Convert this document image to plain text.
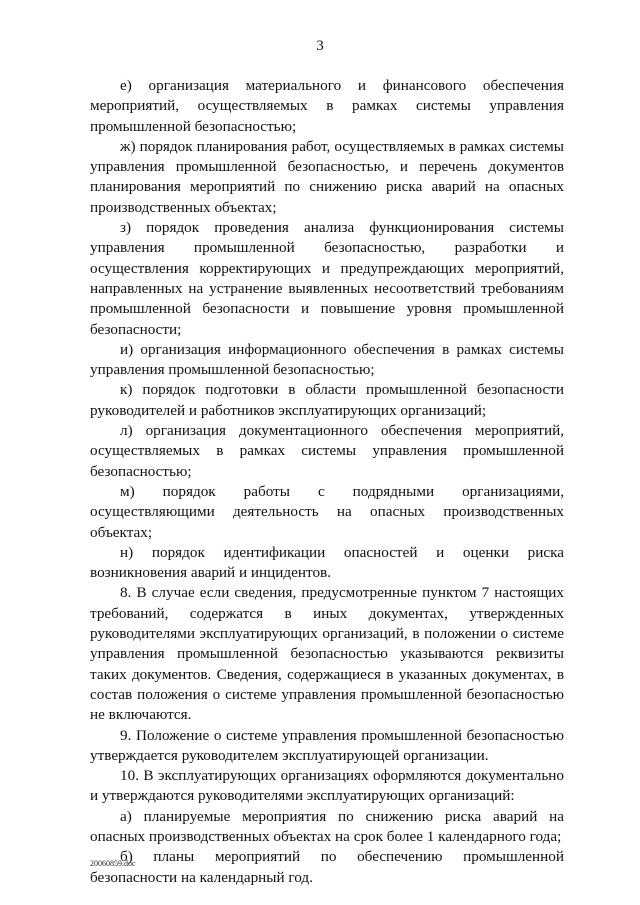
3

е) организация материального и финансового обеспечения мероприятий, осуществляемых в рамках системы управления промышленной безопасностью;

ж) порядок планирования работ, осуществляемых в рамках системы управления промышленной безопасностью, и перечень документов планирования мероприятий по снижению риска аварий на опасных производственных объектах;

з) порядок проведения анализа функционирования системы управления промышленной безопасностью, разработки и осуществления корректирующих и предупреждающих мероприятий, направленных на устранение выявленных несоответствий требованиям промышленной безопасности и повышение уровня промышленной безопасности;

и) организация информационного обеспечения в рамках системы управления промышленной безопасностью;

к) порядок подготовки в области промышленной безопасности руководителей и работников эксплуатирующих организаций;

л) организация документационного обеспечения мероприятий, осуществляемых в рамках системы управления промышленной безопасностью;

м) порядок работы с подрядными организациями, осуществляющими деятельность на опасных производственных объектах;

н) порядок идентификации опасностей и оценки риска возникновения аварий и инцидентов.

8. В случае если сведения, предусмотренные пунктом 7 настоящих требований, содержатся в иных документах, утвержденных руководителями эксплуатирующих организаций, в положении о системе управления промышленной безопасностью указываются реквизиты таких документов. Сведения, содержащиеся в указанных документах, в состав положения о системе управления промышленной безопасностью не включаются.

9. Положение о системе управления промышленной безопасностью утверждается руководителем эксплуатирующей организации.

10. В эксплуатирующих организациях оформляются документально и утверждаются руководителями эксплуатирующих организаций:

а) планируемые мероприятия по снижению риска аварий на опасных производственных объектах на срок более 1 календарного года;

б) планы мероприятий по обеспечению промышленной безопасности на календарный год.

20060859.doc
